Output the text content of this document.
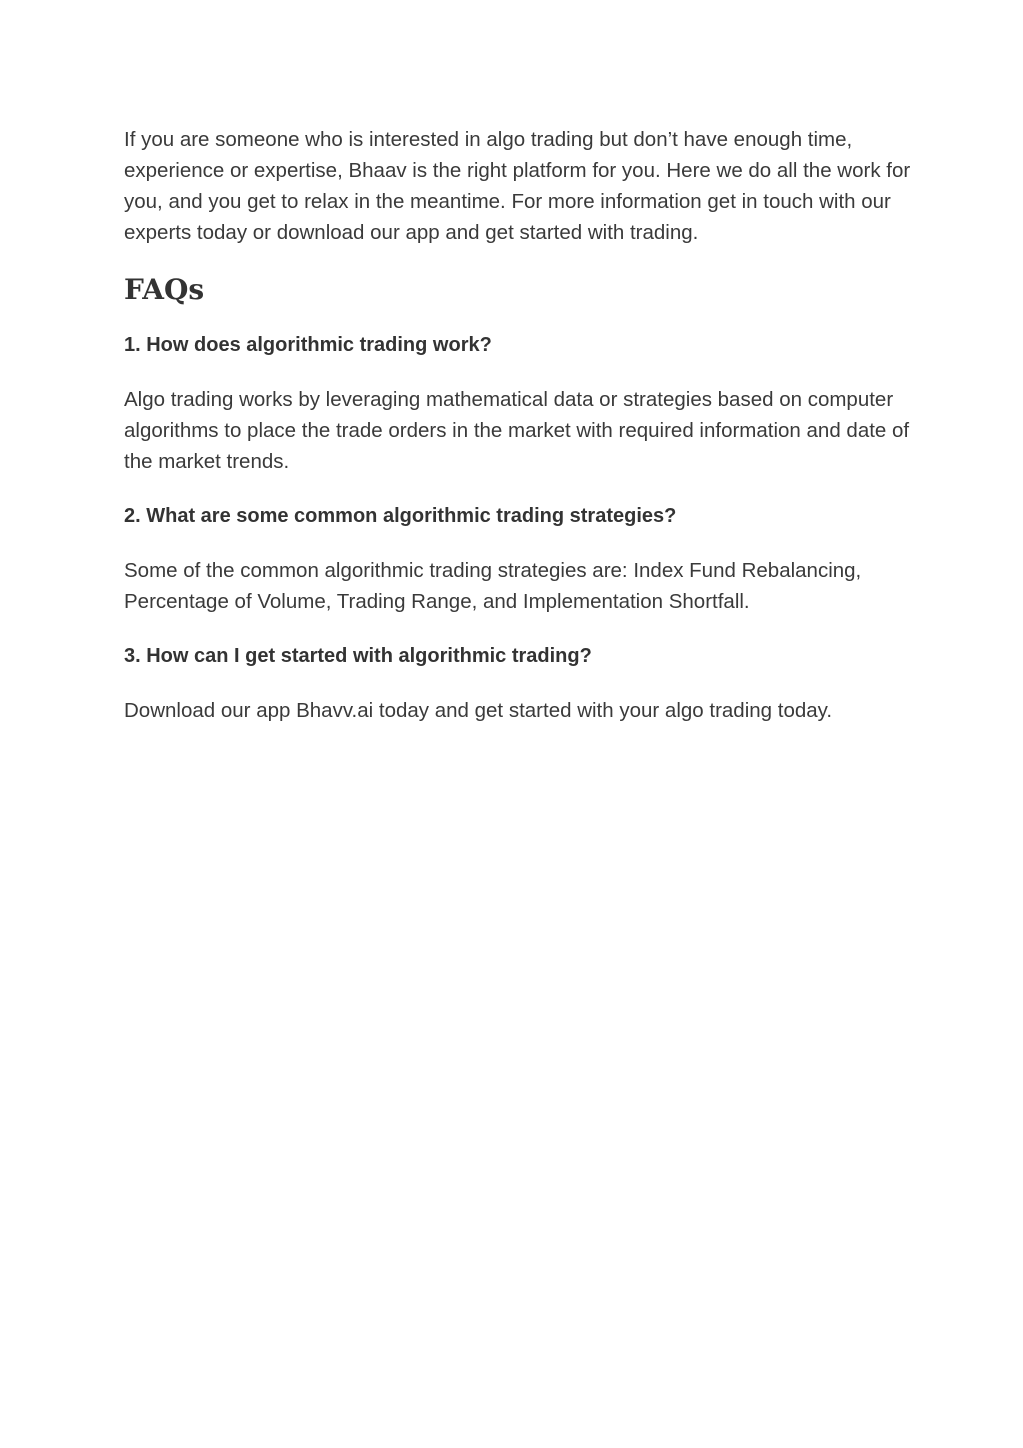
If you are someone who is interested in algo trading but don’t have enough time, experience or expertise, Bhaav is the right platform for you. Here we do all the work for you, and you get to relax in the meantime. For more information get in touch with our experts today or download our app and get started with trading.

FAQs

1. How does algorithmic trading work?

Algo trading works by leveraging mathematical data or strategies based on computer algorithms to place the trade orders in the market with required information and date of the market trends.

2. What are some common algorithmic trading strategies?

Some of the common algorithmic trading strategies are: Index Fund Rebalancing, Percentage of Volume, Trading Range, and Implementation Shortfall.

3. How can I get started with algorithmic trading?

Download our app Bhavv.ai today and get started with your algo trading today.
